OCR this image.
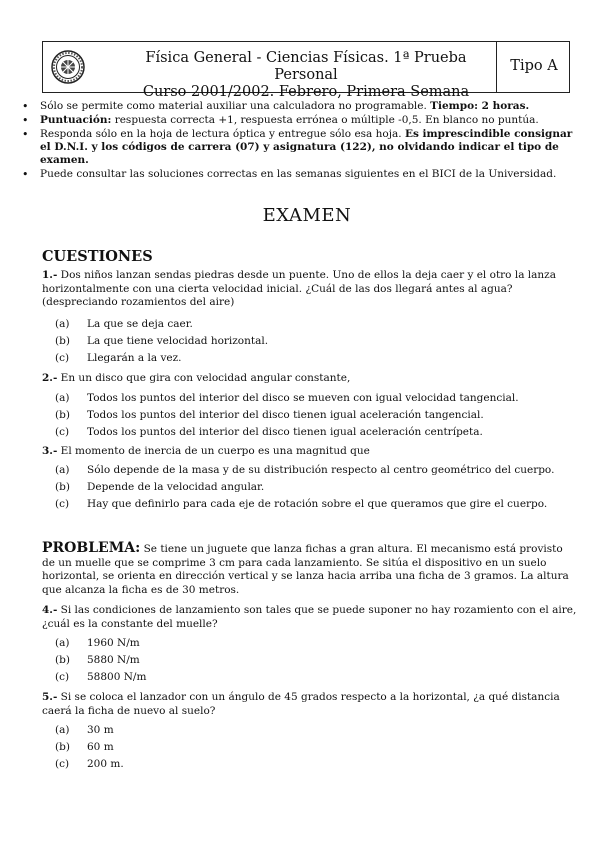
Física General - Ciencias Físicas. 1ª Prueba Personal
Curso 2001/2002. Febrero, Primera Semana
Tipo A
• Sólo se permite como material auxiliar una calculadora no programable. Tiempo: 2 horas.
• Puntuación: respuesta correcta +1, respuesta errónea o múltiple -0,5. En blanco no puntúa.
• Responda sólo en la hoja de lectura óptica y entregue sólo esa hoja. Es imprescindible consignar el D.N.I. y los códigos de carrera (07) y asignatura (122), no olvidando indicar el tipo de examen.
• Puede consultar las soluciones correctas en las semanas siguientes en el BICI de la Universidad.
EXAMEN
CUESTIONES
1.- Dos niños lanzan sendas piedras desde un puente. Uno de ellos la deja caer y el otro la lanza horizontalmente con una cierta velocidad inicial. ¿Cuál de las dos llegará antes al agua? (despreciando rozamientos del aire)
(a) La que se deja caer.
(b) La que tiene velocidad horizontal.
(c) Llegarán a la vez.
2.- En un disco que gira con velocidad angular constante,
(a) Todos los puntos del interior del disco se mueven con igual velocidad tangencial.
(b) Todos los puntos del interior del disco tienen igual aceleración tangencial.
(c) Todos los puntos del interior del disco tienen igual aceleración centrípeta.
3.- El momento de inercia de un cuerpo es una magnitud que
(a) Sólo depende de la masa y de su distribución respecto al centro geométrico del cuerpo.
(b) Depende de la velocidad angular.
(c) Hay que definirlo para cada eje de rotación sobre el que queramos que gire el cuerpo.
PROBLEMA: Se tiene un juguete que lanza fichas a gran altura. El mecanismo está provisto de un muelle que se comprime 3 cm para cada lanzamiento. Se sitúa el dispositivo en un suelo horizontal, se orienta en dirección vertical y se lanza hacia arriba una ficha de 3 gramos. La altura que alcanza la ficha es de 30 metros.
4.- Si las condiciones de lanzamiento son tales que se puede suponer no hay rozamiento con el aire, ¿cuál es la constante del muelle?
(a) 1960 N/m
(b) 5880 N/m
(c) 58800 N/m
5.- Si se coloca el lanzador con un ángulo de 45 grados respecto a la horizontal, ¿a qué distancia caerá la ficha de nuevo al suelo?
(a) 30 m
(b) 60 m
(c) 200 m.
